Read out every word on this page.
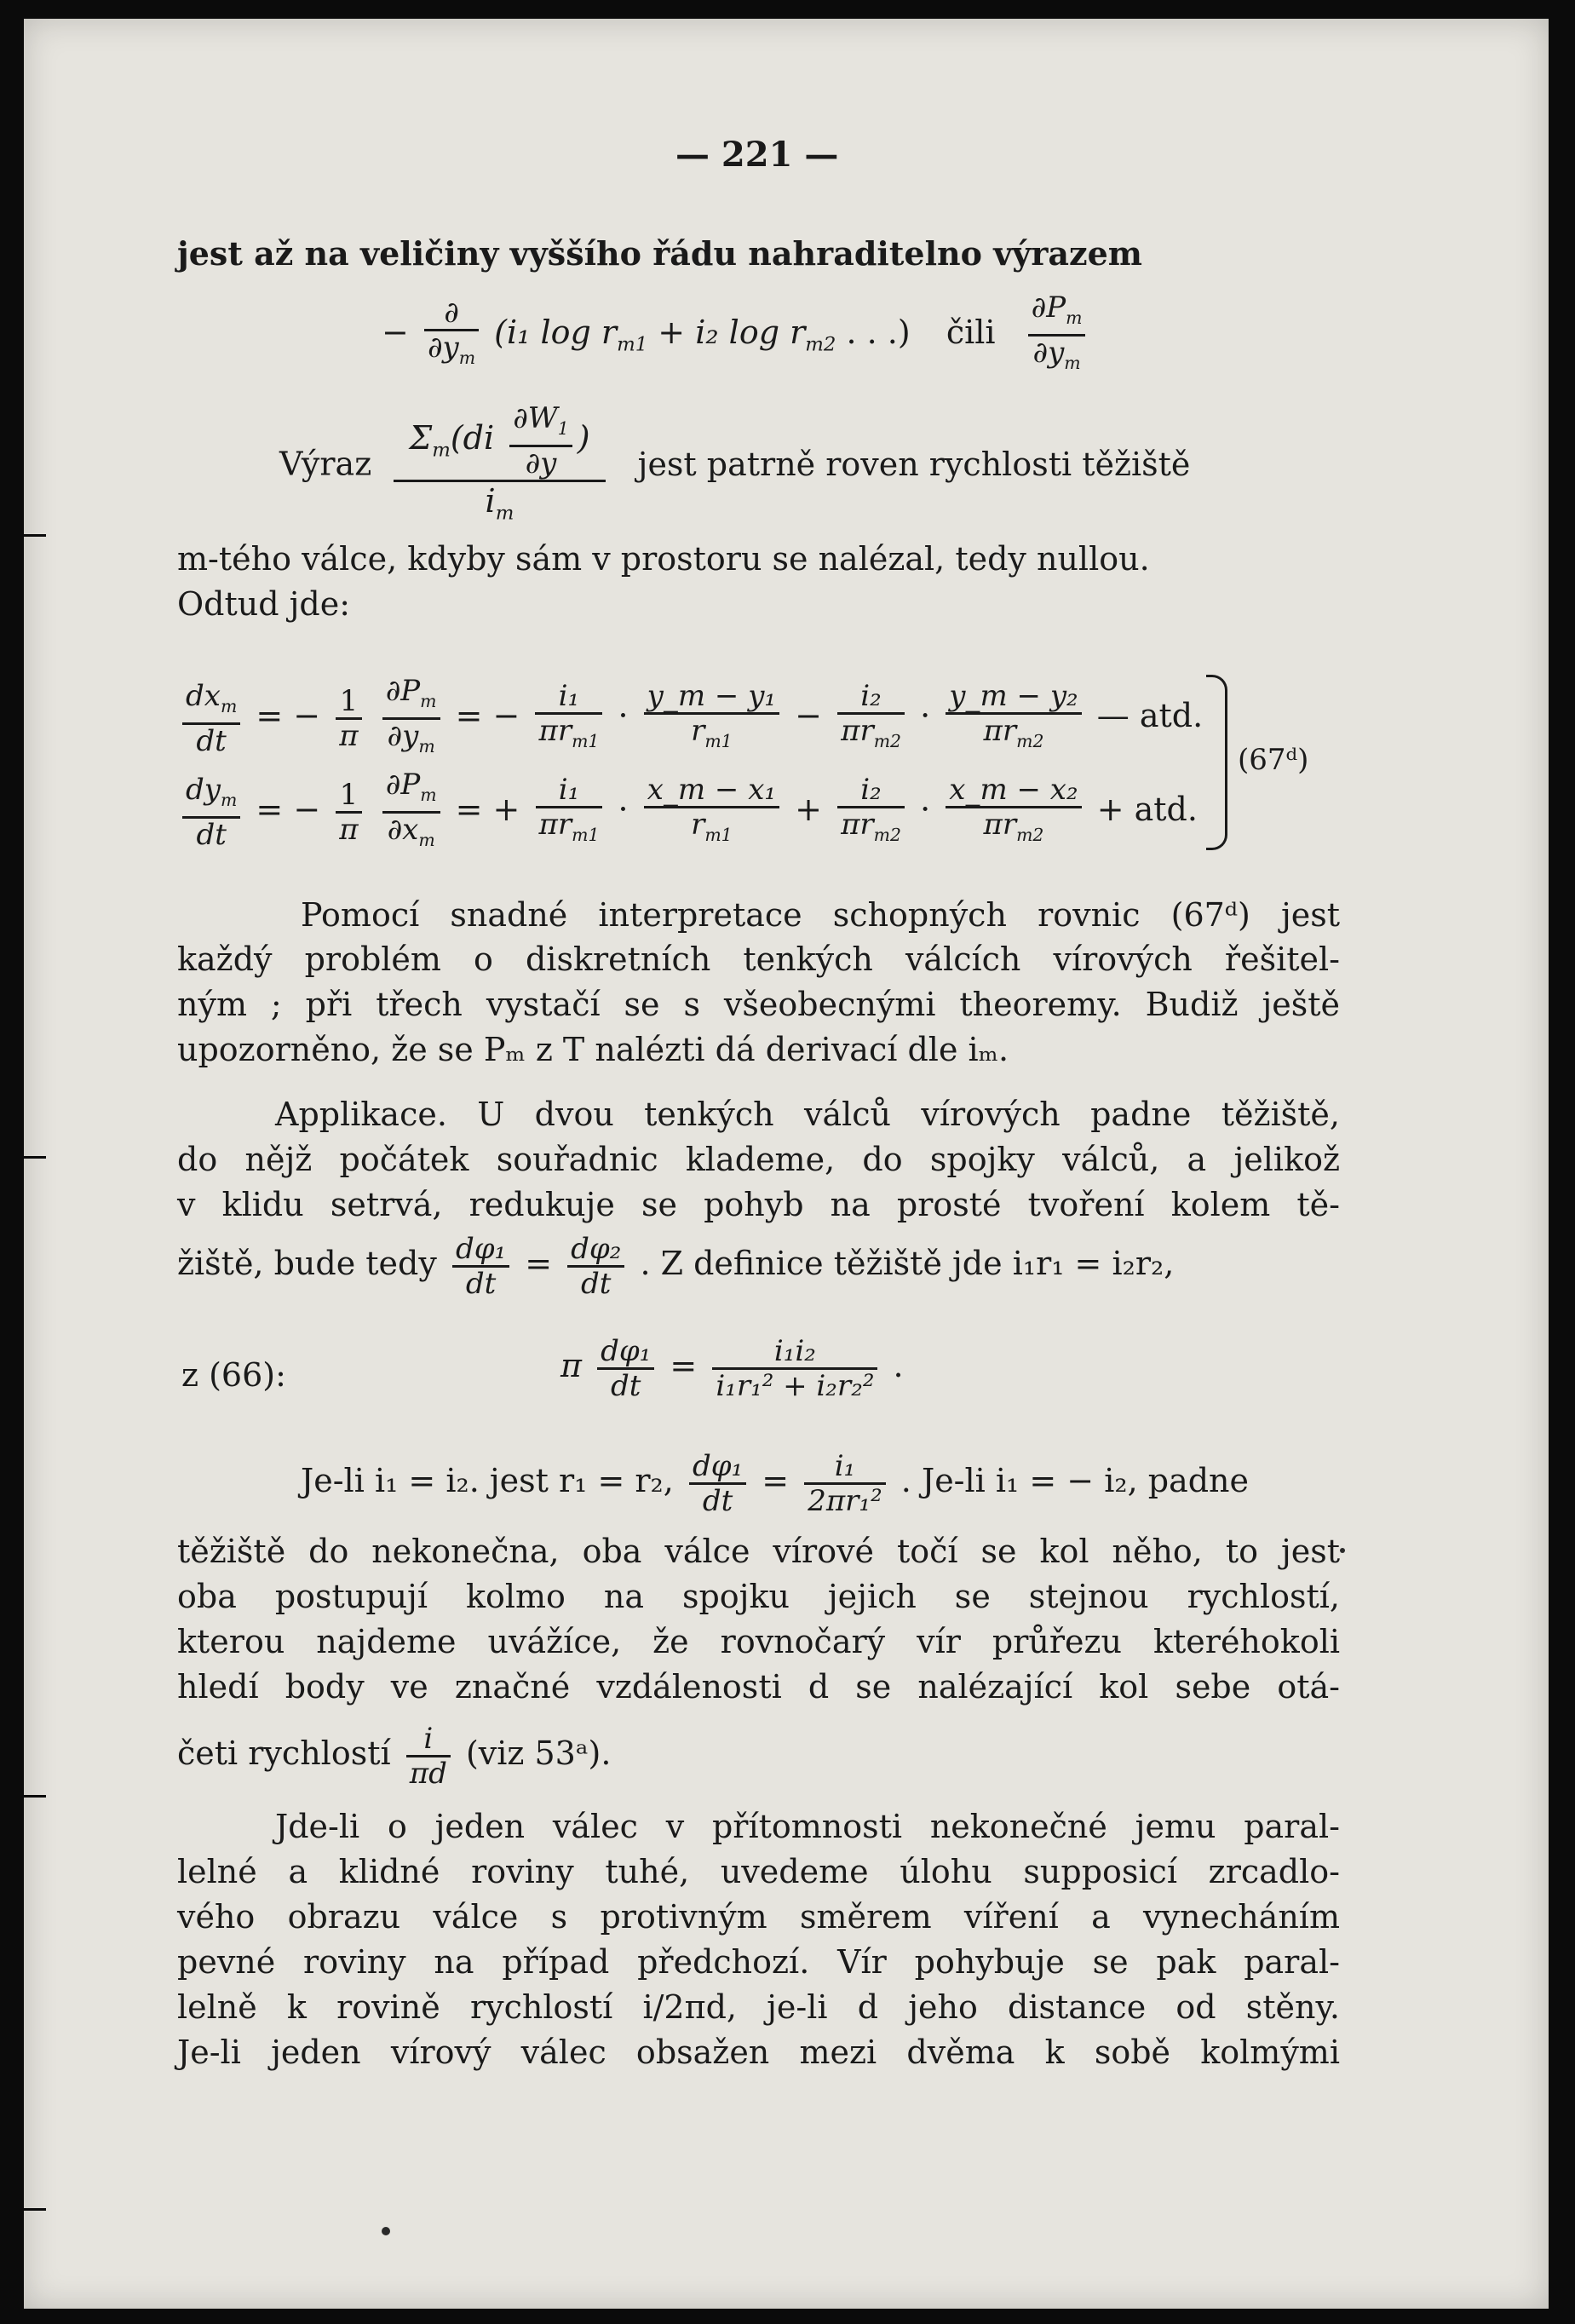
— 221 —
jest až na veličiny vyššího řádu nahraditelno výrazem
− $\frac{\partial}{\partial y_m} (i_1$ $\log r_{m1} + i_2$ $\log r_{m2}$ . . .) čili $\frac{\partial P_m}{\partial y_m}$
Výraz $\frac{\Sigma_m(di \frac{\partial W_1}{\partial y} )}{i_m}$ jest patrně roven rychlosti těžiště
m-tého válce, kdyby sám v prostoru se nalézal, tedy nullou.
Odtud jde:
$\frac{dx_m}{dt}$ = − $\frac{1}{\pi}$
$\frac{\partial P_m}{\partial y_m}$ = − $\frac{\text{i₁}}{\pi r_{m1}} \cdot \frac{\text{y\_m − y₁}}{r_{m1}} - \frac{\text{i₂}}{\pi r_{m2}} \cdot \frac{\text{y\_m − y₂}}{\pi r_{m2}}$ — atd.
$\frac{dy_m}{dt}$ = − $\frac{1}{\pi}$
$\frac{\partial P_m}{\partial x_m}$ = + $\frac{\text{i₁}}{\pi r_{m1}} \cdot \frac{\text{x\_m − x₁}}{r_{m1}} + \frac{\text{i₂}}{\pi r_{m2}} \cdot \frac{\text{x\_m − x₂}}{\pi r_{m2}}$ + atd.
(67ᵈ)
Pomocí snadné interpretace schopných rovnic (67ᵈ) jest
každý problém o diskretních tenkých válcích vírových řešitel-
ným ; při třech vystačí se s všeobecnými theoremy. Budiž ještě
upozorněno, že se Pₘ z T nalézti dá derivací dle iₘ.
Applikace. U dvou tenkých válců vírových padne těžiště,
do nějž počátek souřadnic klademe, do spojky válců, a jelikož
v klidu setrvá, redukuje se pohyb na prosté tvoření kolem tě-
žiště, bude tedy $\frac{\text{dφ₁}}{dt} = \frac{\text{dφ₂}}{dt}$ . Z definice těžiště jde i₁r₁ = i₂r₂,
z (66):	π $\frac{\text{dφ₁}}{dt} = \frac{\text{i₁i₂}}{\text{i₁r₁² + i₂r₂²}}$ .
Je-li i₁ = i₂. jest r₁ = r₂, $\frac{\text{dφ₁}}{dt} = \frac{\text{i₁}}{\text{2πr₁²}}$ . Je-li i₁ = − i₂, padne
těžiště do nekonečna, oba válce vírové točí se kol něho, to jest
oba postupují kolmo na spojku jejich se stejnou rychlostí,
kterou najdeme uvážíce, že rovnočarý vír průřezu kteréhokoli
hledí body ve značné vzdálenosti d se nalézající kol sebe otá-
četi rychlostí $\frac{i}{\pi d} (viz$ 53ᵃ).
Jde-li o jeden válec v přítomnosti nekonečné jemu paral-
lelné a klidné roviny tuhé, uvedeme úlohu supposicí zrcadlo-
vého obrazu válce s protivným směrem víření a vynecháním
pevné roviny na případ předchozí. Vír pohybuje se pak paral-
lelně k rovině rychlostí i/2πd, je-li d jeho distance od stěny.
Je-li jeden vírový válec obsažen mezi dvěma k sobě kolmými
